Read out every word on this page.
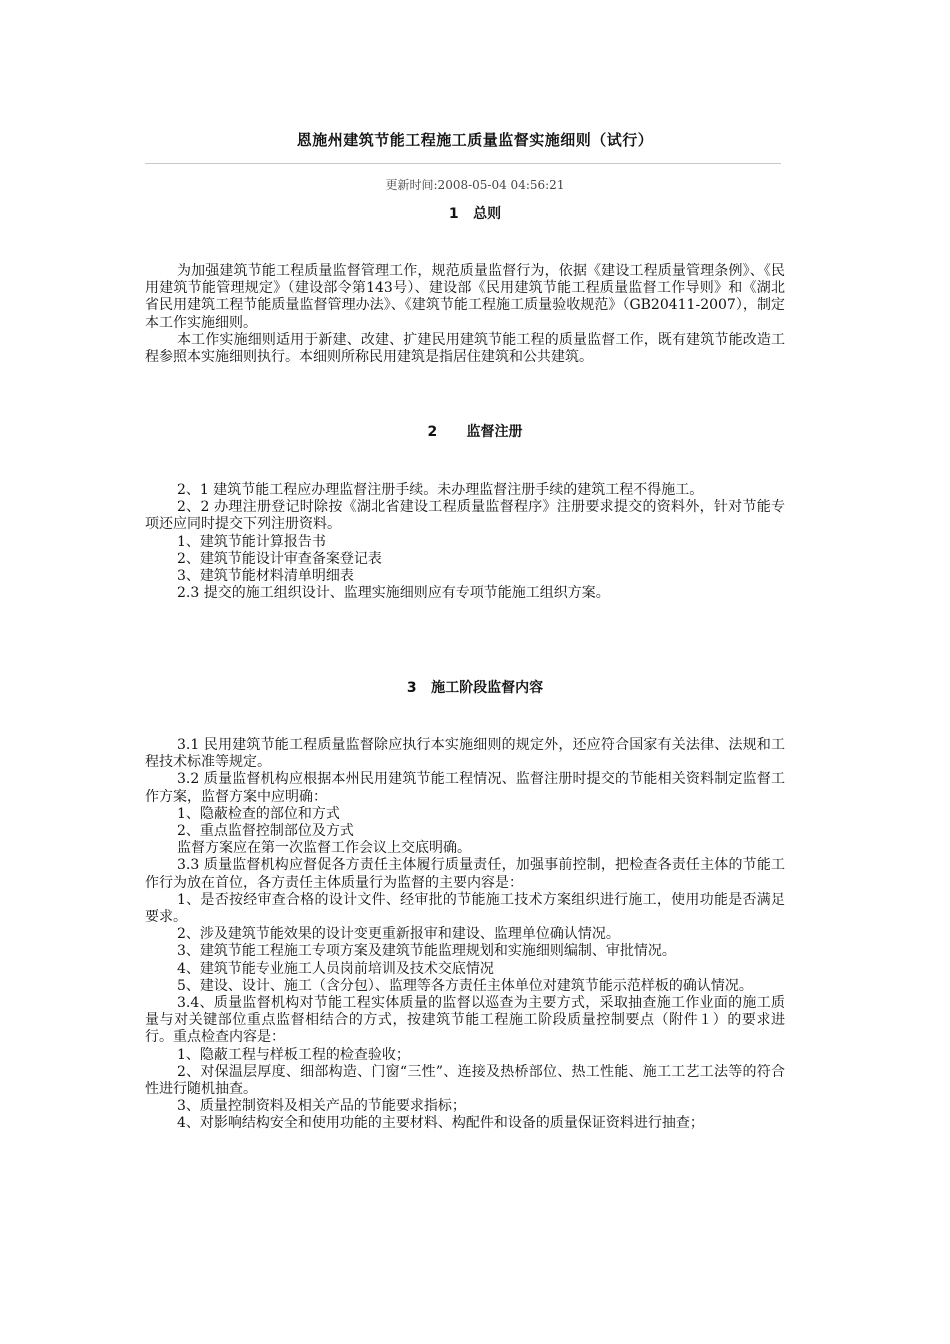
恩施州建筑节能工程施工质量监督实施细则（试行）
更新时间:2008-05-04 04:56:21
1   总则

为加强建筑节能工程质量监督管理工作，规范质量监督行为，依据《建设工程质量管理条例》、《民用建筑节能管理规定》（建设部令第143号）、建设部《民用建筑节能工程质量监督工作导则》和《湖北省民用建筑工程节能质量监督管理办法》、《建筑节能工程施工质量验收规范》（GB20411-2007），制定本工作实施细则。

本工作实施细则适用于新建、改建、扩建民用建筑节能工程的质量监督工作，既有建筑节能改造工程参照本实施细则执行。本细则所称民用建筑是指居住建筑和公共建筑。

2      监督注册

2、1 建筑节能工程应办理监督注册手续。未办理监督注册手续的建筑工程不得施工。

2、2 办理注册登记时除按《湖北省建设工程质量监督程序》注册要求提交的资料外，针对节能专项还应同时提交下列注册资料。

1、建筑节能计算报告书

2、建筑节能设计审查备案登记表

3、建筑节能材料清单明细表

2.3 提交的施工组织设计、监理实施细则应有专项节能施工组织方案。

3   施工阶段监督内容

3.1 民用建筑节能工程质量监督除应执行本实施细则的规定外，还应符合国家有关法律、法规和工程技术标准等规定。

3.2 质量监督机构应根据本州民用建筑节能工程情况、监督注册时提交的节能相关资料制定监督工作方案，监督方案中应明确：

1、隐蔽检查的部位和方式

2、重点监督控制部位及方式

监督方案应在第一次监督工作会议上交底明确。

3.3 质量监督机构应督促各方责任主体履行质量责任，加强事前控制，把检查各责任主体的节能工作行为放在首位，各方责任主体质量行为监督的主要内容是：

1、是否按经审查合格的设计文件、经审批的节能施工技术方案组织进行施工，使用功能是否满足要求。

2、涉及建筑节能效果的设计变更重新报审和建设、监理单位确认情况。

3、建筑节能工程施工专项方案及建筑节能监理规划和实施细则编制、审批情况。

4、建筑节能专业施工人员岗前培训及技术交底情况

5、建设、设计、施工（含分包）、监理等各方责任主体单位对建筑节能示范样板的确认情况。

3.4、质量监督机构对节能工程实体质量的监督以巡查为主要方式，采取抽查施工作业面的施工质量与对关键部位重点监督相结合的方式，按建筑节能工程施工阶段质量控制要点（附件１）的要求进行。重点检查内容是：

1、隐蔽工程与样板工程的检查验收；

2、对保温层厚度、细部构造、门窗“三性”、连接及热桥部位、热工性能、施工工艺工法等的符合性进行随机抽查。

3、质量控制资料及相关产品的节能要求指标；

4、对影响结构安全和使用功能的主要材料、构配件和设备的质量保证资料进行抽查；
